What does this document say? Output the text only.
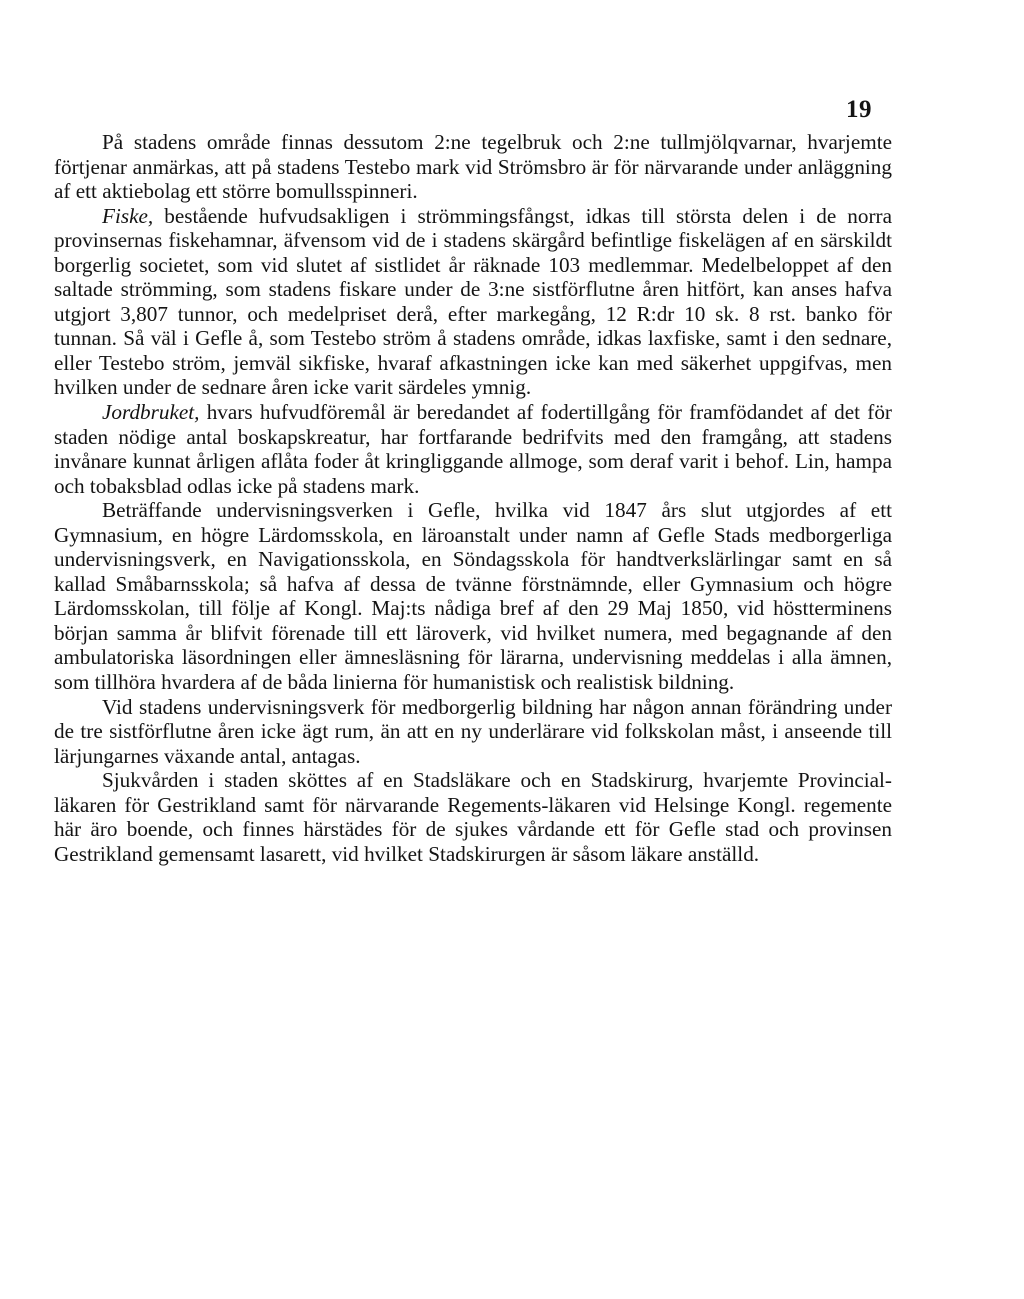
19

På stadens område finnas dessutom 2:ne tegelbruk och 2:ne tullmjölqvarnar, hvarjemte förtjenar anmärkas, att på stadens Testebo mark vid Strömsbro är för närvarande under anläggning af ett aktiebolag ett större bomullsspinneri.

Fiske, bestående hufvudsakligen i strömmingsfångst, idkas till största delen i de norra provinsernas fiskehamnar, äfvensom vid de i stadens skärgård befintlige fiskelägen af en särskildt borgerlig societet, som vid slutet af sistlidet år räknade 103 medlemmar. Medelbeloppet af den saltade strömming, som stadens fiskare under de 3:ne sistförflutne åren hitfört, kan anses hafva utgjort 3,807 tunnor, och medelpriset derå, efter markegång, 12 R:dr 10 sk. 8 rst. banko för tunnan. Så väl i Gefle å, som Testebo ström å stadens område, idkas laxfiske, samt i den sednare, eller Testebo ström, jemväl sikfiske, hvaraf afkastningen icke kan med säkerhet uppgifvas, men hvilken under de sednare åren icke varit särdeles ymnig.

Jordbruket, hvars hufvudföremål är beredandet af fodertillgång för framfödandet af det för staden nödige antal boskapskreatur, har fortfarande bedrifvits med den framgång, att stadens invånare kunnat årligen aflåta foder åt kringliggande allmoge, som deraf varit i behof. Lin, hampa och tobaksblad odlas icke på stadens mark.

Beträffande undervisningsverken i Gefle, hvilka vid 1847 års slut utgjordes af ett Gymnasium, en högre Lärdomsskola, en läroanstalt under namn af Gefle Stads medborgerliga undervisningsverk, en Navigationsskola, en Söndagsskola för handtverkslärlingar samt en så kallad Småbarnsskola; så hafva af dessa de tvänne förstnämnde, eller Gymnasium och högre Lärdomsskolan, till följe af Kongl. Maj:ts nådiga bref af den 29 Maj 1850, vid höstterminens början samma år blifvit förenade till ett läroverk, vid hvilket numera, med begagnande af den ambulatoriska läsordningen eller ämnesläsning för lärarna, undervisning meddelas i alla ämnen, som tillhöra hvardera af de båda linierna för humanistisk och realistisk bildning.

Vid stadens undervisningsverk för medborgerlig bildning har någon annan förändring under de tre sistförflutne åren icke ägt rum, än att en ny underlärare vid folkskolan måst, i anseende till lärjungarnes växande antal, antagas.

Sjukvården i staden sköttes af en Stadsläkare och en Stadskirurg, hvarjemte Provincial-läkaren för Gestrikland samt för närvarande Regements-läkaren vid Helsinge Kongl. regemente här äro boende, och finnes härstädes för de sjukes vårdande ett för Gefle stad och provinsen Gestrikland gemensamt lasarett, vid hvilket Stadskirurgen är såsom läkare anställd.
